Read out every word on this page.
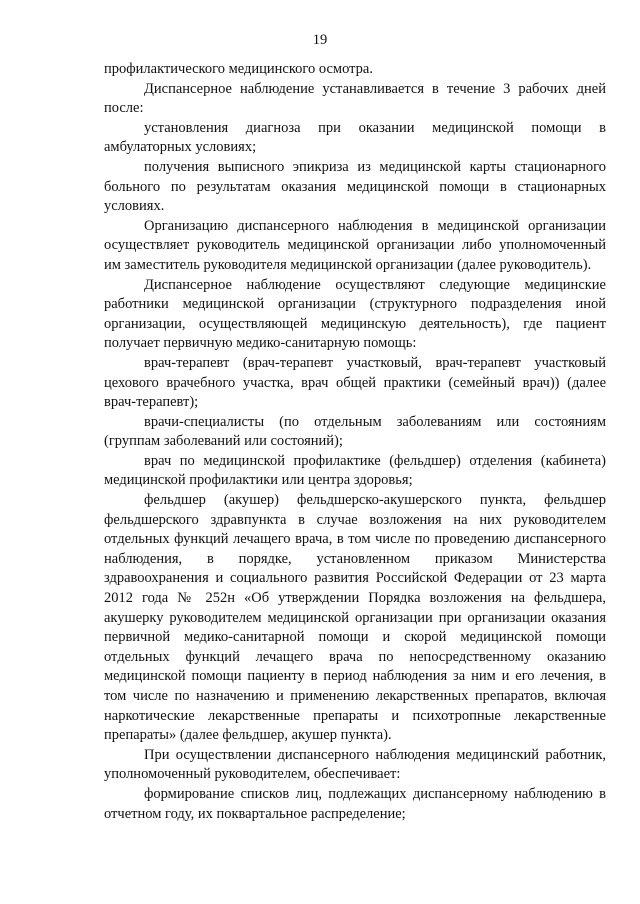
19

профилактического медицинского осмотра.

Диспансерное наблюдение устанавливается в течение 3 рабочих дней после:

установления диагноза при оказании медицинской помощи в амбулаторных условиях;

получения выписного эпикриза из медицинской карты стационарного больного по результатам оказания медицинской помощи в стационарных условиях.

Организацию диспансерного наблюдения в медицинской организации осуществляет руководитель медицинской организации либо уполномоченный им заместитель руководителя медицинской организации (далее руководитель).

Диспансерное наблюдение осуществляют следующие медицинские работники медицинской организации (структурного подразделения иной организации, осуществляющей медицинскую деятельность), где пациент получает первичную медико-санитарную помощь:

врач-терапевт (врач-терапевт участковый, врач-терапевт участковый цехового врачебного участка, врач общей практики (семейный врач)) (далее врач-терапевт);

врачи-специалисты (по отдельным заболеваниям или состояниям (группам заболеваний или состояний);

врач по медицинской профилактике (фельдшер) отделения (кабинета) медицинской профилактики или центра здоровья;

фельдшер (акушер) фельдшерско-акушерского пункта, фельдшер фельдшерского здравпункта в случае возложения на них руководителем отдельных функций лечащего врача, в том числе по проведению диспансерного наблюдения, в порядке, установленном приказом Министерства здравоохранения и социального развития Российской Федерации от 23 марта 2012 года № 252н «Об утверждении Порядка возложения на фельдшера, акушерку руководителем медицинской организации при организации оказания первичной медико-санитарной помощи и скорой медицинской помощи отдельных функций лечащего врача по непосредственному оказанию медицинской помощи пациенту в период наблюдения за ним и его лечения, в том числе по назначению и применению лекарственных препаратов, включая наркотические лекарственные препараты и психотропные лекарственные препараты» (далее фельдшер, акушер пункта).

При осуществлении диспансерного наблюдения медицинский работник, уполномоченный руководителем, обеспечивает:

формирование списков лиц, подлежащих диспансерному наблюдению в отчетном году, их поквартальное распределение;
